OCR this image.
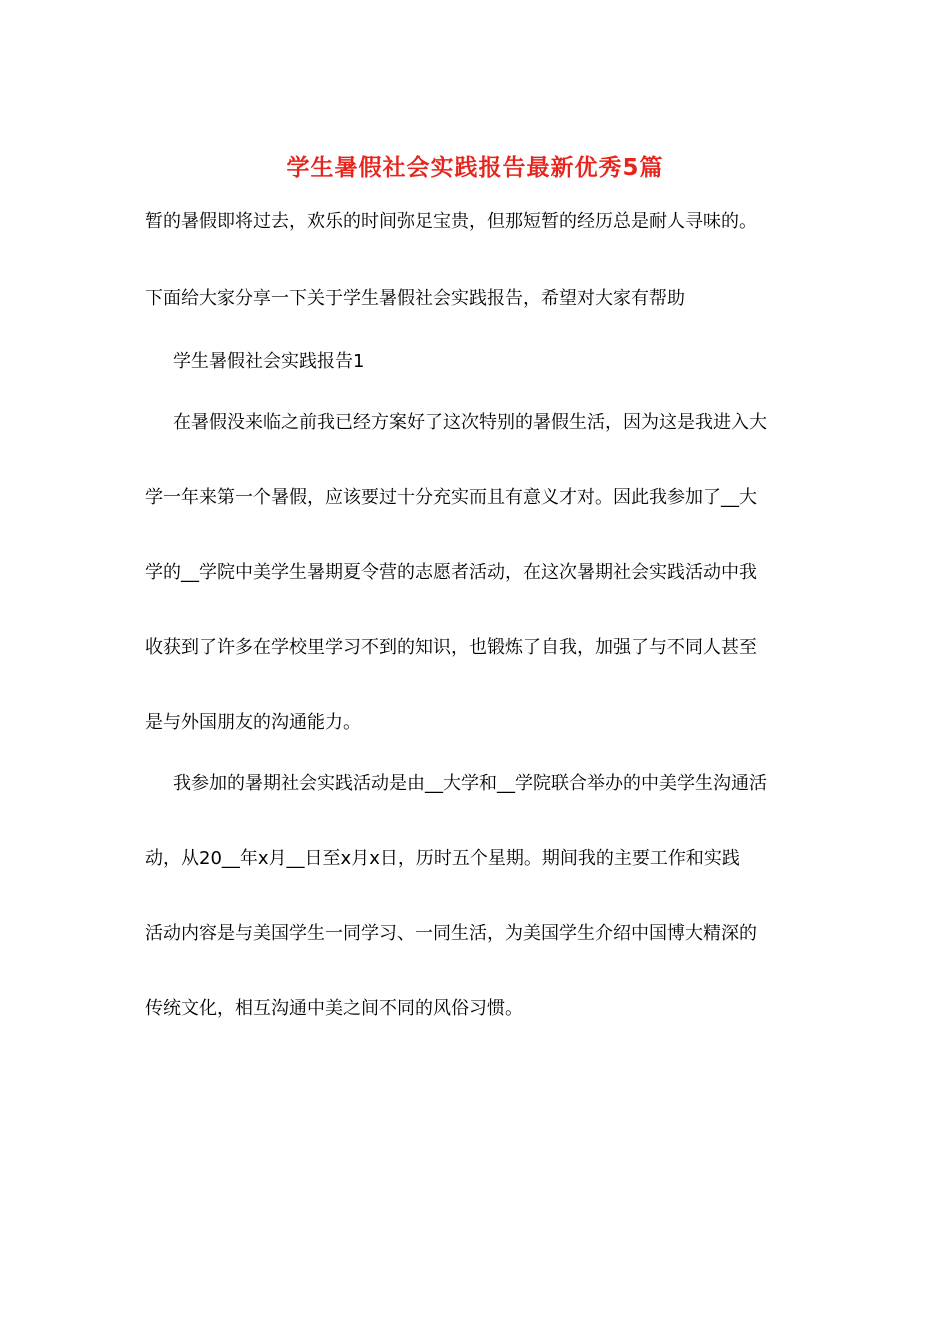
学生暑假社会实践报告最新优秀5篇
暂的暑假即将过去，欢乐的时间弥足宝贵，但那短暂的经历总是耐人寻味的。
下面给大家分享一下关于学生暑假社会实践报告，希望对大家有帮助
学生暑假社会实践报告1
在暑假没来临之前我已经方案好了这次特别的暑假生活，因为这是我进入大
学一年来第一个暑假，应该要过十分充实而且有意义才对。因此我参加了__大
学的__学院中美学生暑期夏令营的志愿者活动，在这次暑期社会实践活动中我
收获到了许多在学校里学习不到的知识，也锻炼了自我，加强了与不同人甚至
是与外国朋友的沟通能力。
我参加的暑期社会实践活动是由__大学和__学院联合举办的中美学生沟通活
动，从20__年x月__日至x月x日，历时五个星期。期间我的主要工作和实践
活动内容是与美国学生一同学习、一同生活，为美国学生介绍中国博大精深的
传统文化，相互沟通中美之间不同的风俗习惯。
